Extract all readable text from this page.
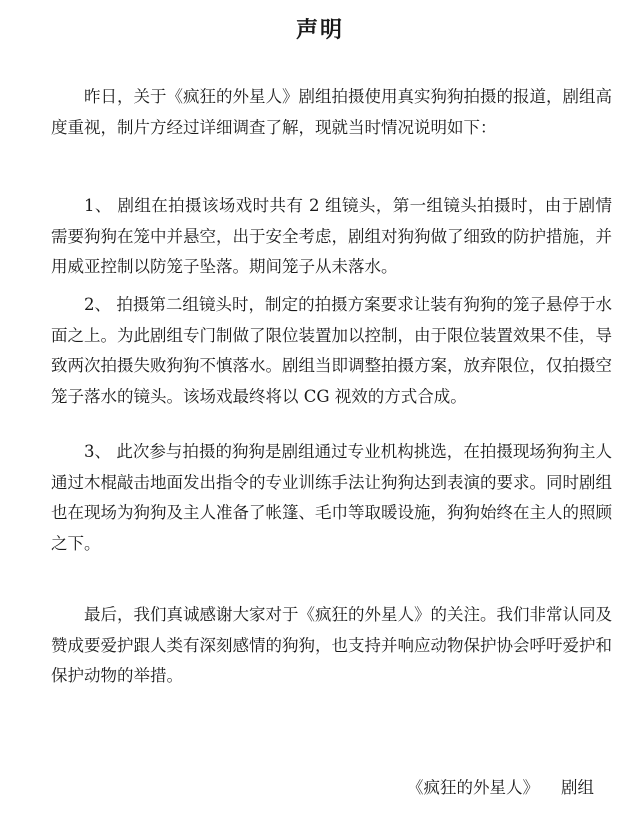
声明

昨日，关于《疯狂的外星人》剧组拍摄使用真实狗狗拍摄的报道，剧组高度重视，制片方经过详细调查了解，现就当时情况说明如下：

1、 剧组在拍摄该场戏时共有 2 组镜头，第一组镜头拍摄时，由于剧情需要狗狗在笼中并悬空，出于安全考虑，剧组对狗狗做了细致的防护措施，并用威亚控制以防笼子坠落。期间笼子从未落水。

2、 拍摄第二组镜头时，制定的拍摄方案要求让装有狗狗的笼子悬停于水面之上。为此剧组专门制做了限位装置加以控制，由于限位装置效果不佳，导致两次拍摄失败狗狗不慎落水。剧组当即调整拍摄方案，放弃限位，仅拍摄空笼子落水的镜头。该场戏最终将以 CG 视效的方式合成。

3、 此次参与拍摄的狗狗是剧组通过专业机构挑选，在拍摄现场狗狗主人通过木棍敲击地面发出指令的专业训练手法让狗狗达到表演的要求。同时剧组也在现场为狗狗及主人准备了帐篷、毛巾等取暖设施，狗狗始终在主人的照顾之下。

最后，我们真诚感谢大家对于《疯狂的外星人》的关注。我们非常认同及赞成要爱护跟人类有深刻感情的狗狗，也支持并响应动物保护协会呼吁爱护和保护动物的举措。

《疯狂的外星人》 剧组
